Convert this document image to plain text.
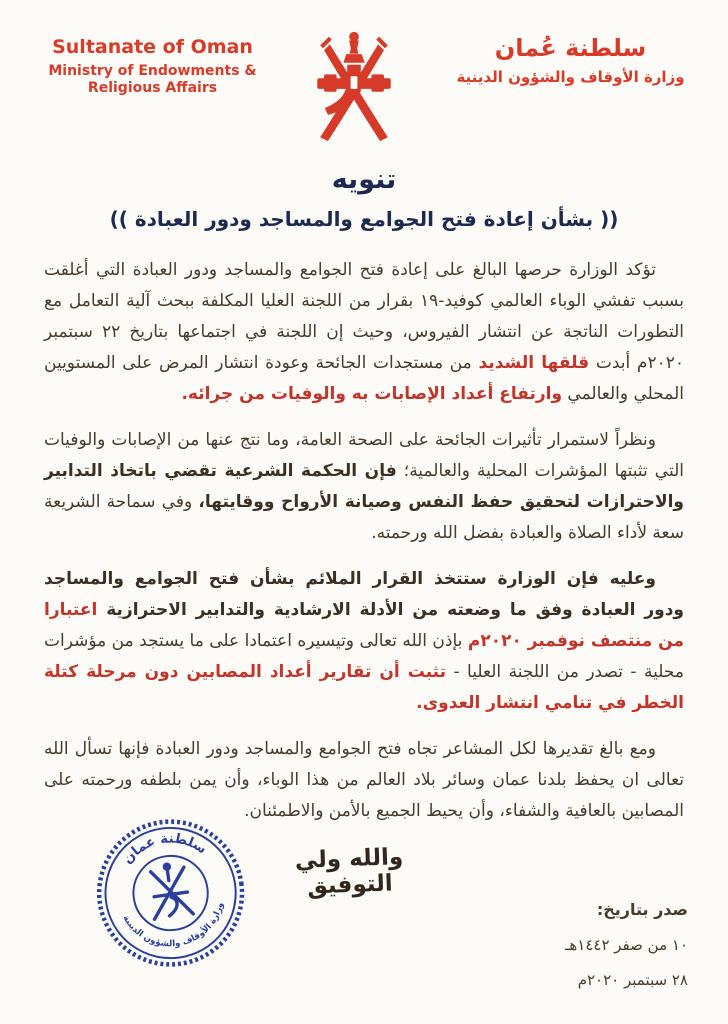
Sultanate of Oman
Ministry of Endowments &
Religious Affairs
سلطنة عُمان
وزارة الأوقاف والشؤون الدينية
تنويه
(( بشأن إعادة فتح الجوامع والمساجد ودور العبادة ))

تؤكد الوزارة حرصها البالغ على إعادة فتح الجوامع والمساجد ودور العبادة التي أغلقت بسبب تفشي الوباء العالمي كوفيد-١٩ بقرار من اللجنة العليا المكلفة ببحث آلية التعامل مع التطورات الناتجة عن انتشار الفيروس، وحيث إن اللجنة في اجتماعها بتاريخ ٢٢ سبتمبر ٢٠٢٠م أبدت قلقها الشديد من مستجدات الجائحة وعودة انتشار المرض على المستويين المحلي والعالمي وارتفاع أعداد الإصابات به والوفيات من جرائه.

ونظراً لاستمرار تأثيرات الجائحة على الصحة العامة، وما نتج عنها من الإصابات والوفيات التي تثبتها المؤشرات المحلية والعالمية؛ فإن الحكمة الشرعية تقضي باتخاذ التدابير والاحترازات لتحقيق حفظ النفس وصيانة الأرواح ووقايتها، وفي سماحة الشريعة سعة لأداء الصلاة والعبادة بفضل الله ورحمته.

وعليه فإن الوزارة ستتخذ القرار الملائم بشأن فتح الجوامع والمساجد ودور العبادة وفق ما وضعته من الأدلة الارشادية والتدابير الاحترازية اعتبارا من منتصف نوفمبر ٢٠٢٠م بإذن الله تعالى وتيسيره اعتمادا على ما يستجد من مؤشرات محلية - تصدر من اللجنة العليا - تثبت أن تقارير أعداد المصابين دون مرحلة كتلة الخطر في تنامي انتشار العدوى.

ومع بالغ تقديرها لكل المشاعر تجاه فتح الجوامع والمساجد ودور العبادة فإنها تسأل الله تعالى ان يحفظ بلدنا عمان وسائر بلاد العالم من هذا الوباء، وأن يمن بلطفه ورحمته على المصابين بالعافية والشفاء، وأن يحيط الجميع بالأمن والاطمئنان.

سلطنة عمان
وزارة الأوقاف والشؤون الدينية
والله ولي التوفيق
صدر بتاريخ:
١٠ من صفر ١٤٤٢هـ
٢٨ سبتمبر ٢٠٢٠م
